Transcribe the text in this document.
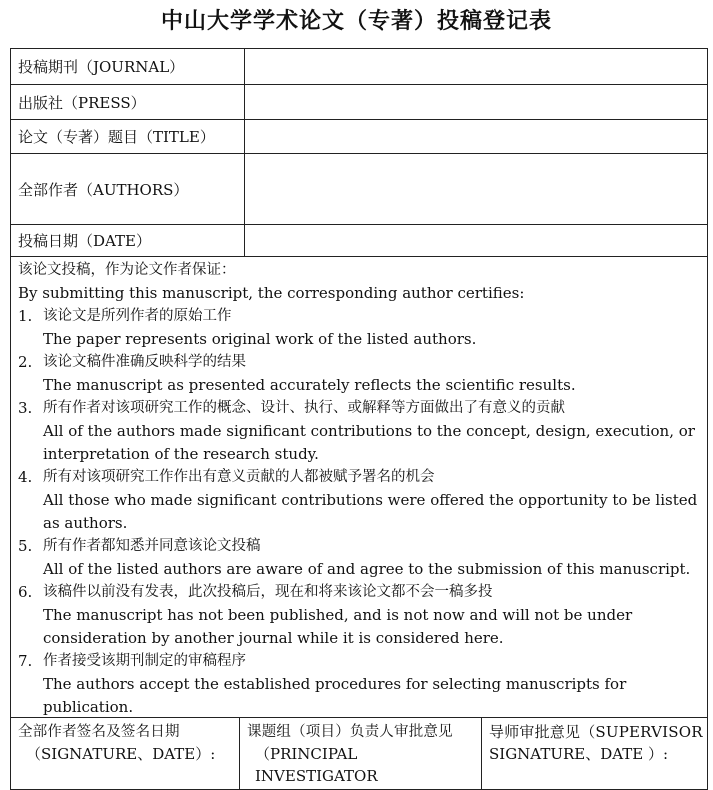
中山大学学术论文（专著）投稿登记表
投稿期刊（JOURNAL）
出版社（PRESS）
论文（专著）题目（TITLE）
全部作者（AUTHORS）
投稿日期（DATE）
该论文投稿，作为论文作者保证：
By submitting this manuscript, the corresponding author certifies:
1. 该论文是所列作者的原始工作
The paper represents original work of the listed authors.
2. 该论文稿件准确反映科学的结果
The manuscript as presented accurately reflects the scientific results.
3. 所有作者对该项研究工作的概念、设计、执行、或解释等方面做出了有意义的贡献
All of the authors made significant contributions to the concept, design, execution, or interpretation of the research study.
4. 所有对该项研究工作作出有意义贡献的人都被赋予署名的机会
All those who made significant contributions were offered the opportunity to be listed as authors.
5. 所有作者都知悉并同意该论文投稿
All of the listed authors are aware of and agree to the submission of this manuscript.
6. 该稿件以前没有发表，此次投稿后，现在和将来该论文都不会一稿多投
The manuscript has not been published, and is not now and will not be under consideration by another journal while it is considered here.
7. 作者接受该期刊制定的审稿程序
The authors accept the established procedures for selecting manuscripts for publication.
全部作者签名及签名日期
（SIGNATURE、DATE）:
课题组（项目）负责人审批意见
（PRINCIPAL INVESTIGATOR
导师审批意见（SUPERVISOR
SIGNATURE、DATE ）:
